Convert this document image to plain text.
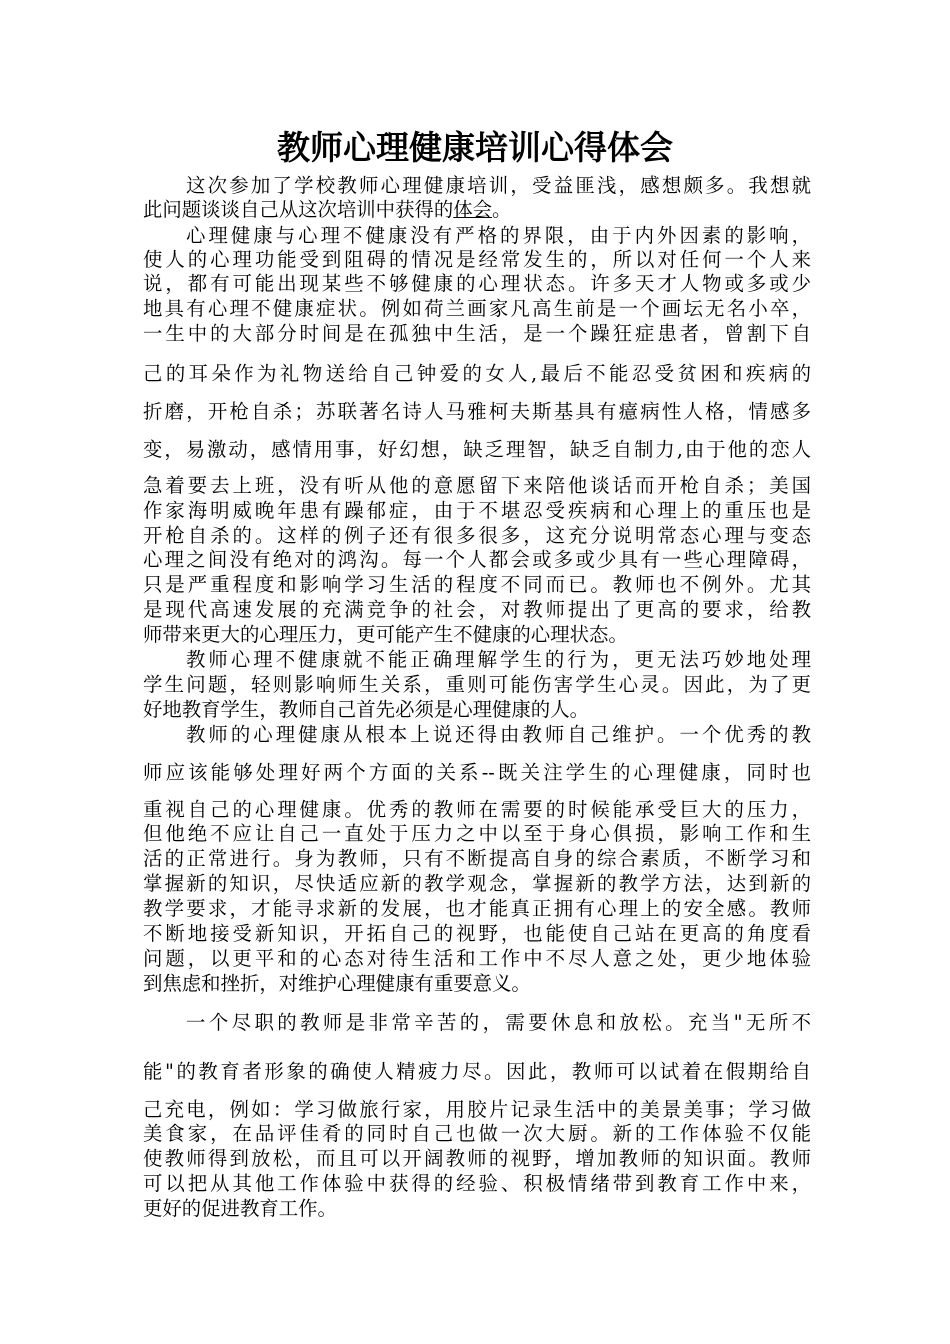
教师心理健康培训心得体会
这次参加了学校教师心理健康培训，受益匪浅，感想颇多。我想就
此问题谈谈自己从这次培训中获得的体会。
心理健康与心理不健康没有严格的界限，由于内外因素的影响，
使人的心理功能受到阻碍的情况是经常发生的，所以对任何一个人来
说，都有可能出现某些不够健康的心理状态。许多天才人物或多或少
地具有心理不健康症状。例如荷兰画家凡高生前是一个画坛无名小卒，
一生中的大部分时间是在孤独中生活，是一个躁狂症患者，曾割下自
己的耳朵作为礼物送给自己钟爱的女人,最后不能忍受贫困和疾病的
折磨，开枪自杀；苏联著名诗人马雅柯夫斯基具有癔病性人格，情感多
变，易激动，感情用事，好幻想，缺乏理智，缺乏自制力,由于他的恋人
急着要去上班，没有听从他的意愿留下来陪他谈话而开枪自杀；美国
作家海明威晚年患有躁郁症，由于不堪忍受疾病和心理上的重压也是
开枪自杀的。这样的例子还有很多很多，这充分说明常态心理与变态
心理之间没有绝对的鸿沟。每一个人都会或多或少具有一些心理障碍，
只是严重程度和影响学习生活的程度不同而已。教师也不例外。尤其
是现代高速发展的充满竞争的社会，对教师提出了更高的要求，给教
师带来更大的心理压力，更可能产生不健康的心理状态。
教师心理不健康就不能正确理解学生的行为，更无法巧妙地处理
学生问题，轻则影响师生关系，重则可能伤害学生心灵。因此，为了更
好地教育学生，教师自己首先必须是心理健康的人。
教师的心理健康从根本上说还得由教师自己维护。一个优秀的教
师应该能够处理好两个方面的关系--既关注学生的心理健康，同时也
重视自己的心理健康。优秀的教师在需要的时候能承受巨大的压力，
但他绝不应让自己一直处于压力之中以至于身心俱损，影响工作和生
活的正常进行。身为教师，只有不断提高自身的综合素质，不断学习和
掌握新的知识，尽快适应新的教学观念，掌握新的教学方法，达到新的
教学要求，才能寻求新的发展，也才能真正拥有心理上的安全感。教师
不断地接受新知识，开拓自己的视野，也能使自己站在更高的角度看
问题，以更平和的心态对待生活和工作中不尽人意之处，更少地体验
到焦虑和挫折，对维护心理健康有重要意义。
一个尽职的教师是非常辛苦的，需要休息和放松。充当"无所不
能"的教育者形象的确使人精疲力尽。因此，教师可以试着在假期给自
己充电，例如：学习做旅行家，用胶片记录生活中的美景美事；学习做
美食家，在品评佳肴的同时自己也做一次大厨。新的工作体验不仅能
使教师得到放松，而且可以开阔教师的视野，增加教师的知识面。教师
可以把从其他工作体验中获得的经验、积极情绪带到教育工作中来，
更好的促进教育工作。
